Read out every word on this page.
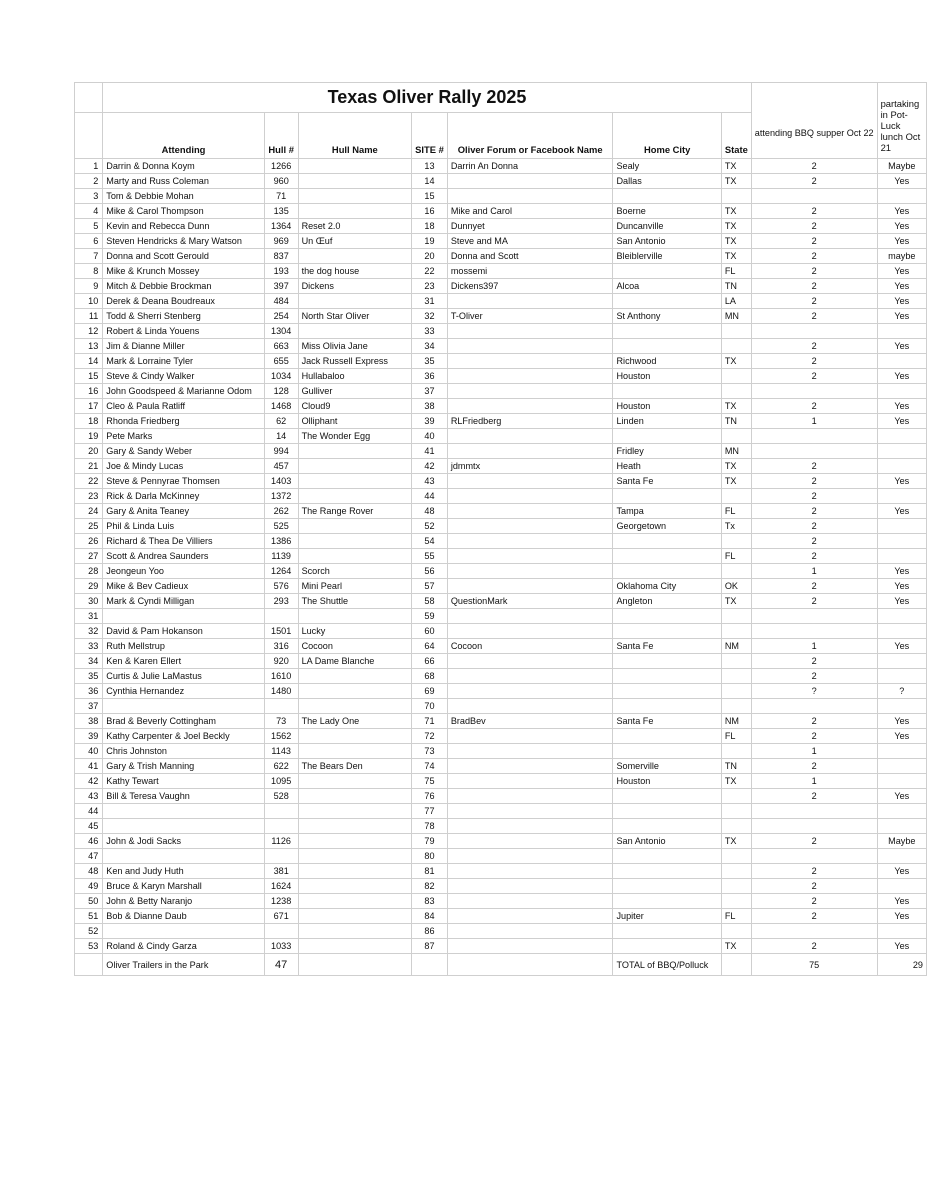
	Texas Oliver Rally 2025							attending BBQ supper Oct 22	partaking in Pot-Luck lunch Oct 21
	Attending	Hull #	Hull Name	SITE #	Oliver Forum or Facebook Name	Home City	State		
1	Darrin & Donna Koym	1266		13	Darrin An Donna	Sealy	TX	2	Maybe
2	Marty and Russ Coleman	960		14		Dallas	TX	2	Yes
3	Tom & Debbie Mohan	71		15					
4	Mike & Carol Thompson	135		16	Mike and Carol	Boerne	TX	2	Yes
5	Kevin and Rebecca Dunn	1364	Reset 2.0	18	Dunnyet	Duncanville	TX	2	Yes
6	Steven Hendricks & Mary Watson	969	Un Œuf	19	Steve and MA	San Antonio	TX	2	Yes
7	Donna and Scott Gerould	837		20	Donna and Scott	Bleiblerville	TX	2	maybe
8	Mike & Krunch Mossey	193	the dog house	22	mossemi		FL	2	Yes
9	Mitch & Debbie Brockman	397	Dickens	23	Dickens397	Alcoa	TN	2	Yes
10	Derek & Deana Boudreaux	484		31			LA	2	Yes
11	Todd & Sherri Stenberg	254	North Star Oliver	32	T-Oliver	St Anthony	MN	2	Yes
12	Robert & Linda Youens	1304		33					
13	Jim & Dianne Miller	663	Miss Olivia Jane	34				2	Yes
14	Mark & Lorraine Tyler	655	Jack Russell Express	35		Richwood	TX	2	
15	Steve & Cindy Walker	1034	Hullabaloo	36		Houston		2	Yes
16	John Goodspeed & Marianne Odom	128	Gulliver	37					
17	Cleo & Paula Ratliff	1468	Cloud9	38		Houston	TX	2	Yes
18	Rhonda Friedberg	62	Olliphant	39	RLFriedberg	Linden	TN	1	Yes
19	Pete Marks	14	The Wonder Egg	40					
20	Gary & Sandy Weber	994		41		Fridley	MN		
21	Joe & Mindy Lucas	457		42	jdmmtx	Heath	TX	2	
22	Steve & Pennyrae Thomsen	1403		43		Santa Fe	TX	2	Yes
23	Rick & Darla McKinney	1372		44				2	
24	Gary & Anita Teaney	262	The Range Rover	48		Tampa	FL	2	Yes
25	Phil & Linda Luis	525		52		Georgetown	Tx	2	
26	Richard & Thea De Villiers	1386		54				2	
27	Scott & Andrea Saunders	1139		55			FL	2	
28	Jeongeun Yoo	1264	Scorch	56				1	Yes
29	Mike & Bev Cadieux	576	Mini Pearl	57		Oklahoma City	OK	2	Yes
30	Mark & Cyndi Milligan	293	The Shuttle	58	QuestionMark	Angleton	TX	2	Yes
31				59					
32	David & Pam Hokanson	1501	Lucky	60					
33	Ruth Mellstrup	316	Cocoon	64	Cocoon	Santa Fe	NM	1	Yes
34	Ken & Karen Ellert	920	LA Dame Blanche	66				2	
35	Curtis & Julie LaMastus	1610		68				2	
36	Cynthia Hernandez	1480		69				?	?
37				70					
38	Brad & Beverly Cottingham	73	The Lady One	71	BradBev	Santa Fe	NM	2	Yes
39	Kathy Carpenter & Joel Beckly	1562		72			FL	2	Yes
40	Chris Johnston	1143		73				1	
41	Gary & Trish Manning	622	The Bears Den	74		Somerville	TN	2	
42	Kathy Tewart	1095		75		Houston	TX	1	
43	Bill & Teresa Vaughn	528		76				2	Yes
44				77					
45				78					
46	John & Jodi Sacks	1126		79		San Antonio	TX	2	Maybe
47				80					
48	Ken and Judy Huth	381		81				2	Yes
49	Bruce & Karyn Marshall	1624		82				2	
50	John & Betty Naranjo	1238		83				2	Yes
51	Bob & Dianne Daub	671		84		Jupiter	FL	2	Yes
52				86					
53	Roland & Cindy Garza	1033		87			TX	2	Yes
	Oliver Trailers in the Park	47				TOTAL of BBQ/Polluck		75	29
